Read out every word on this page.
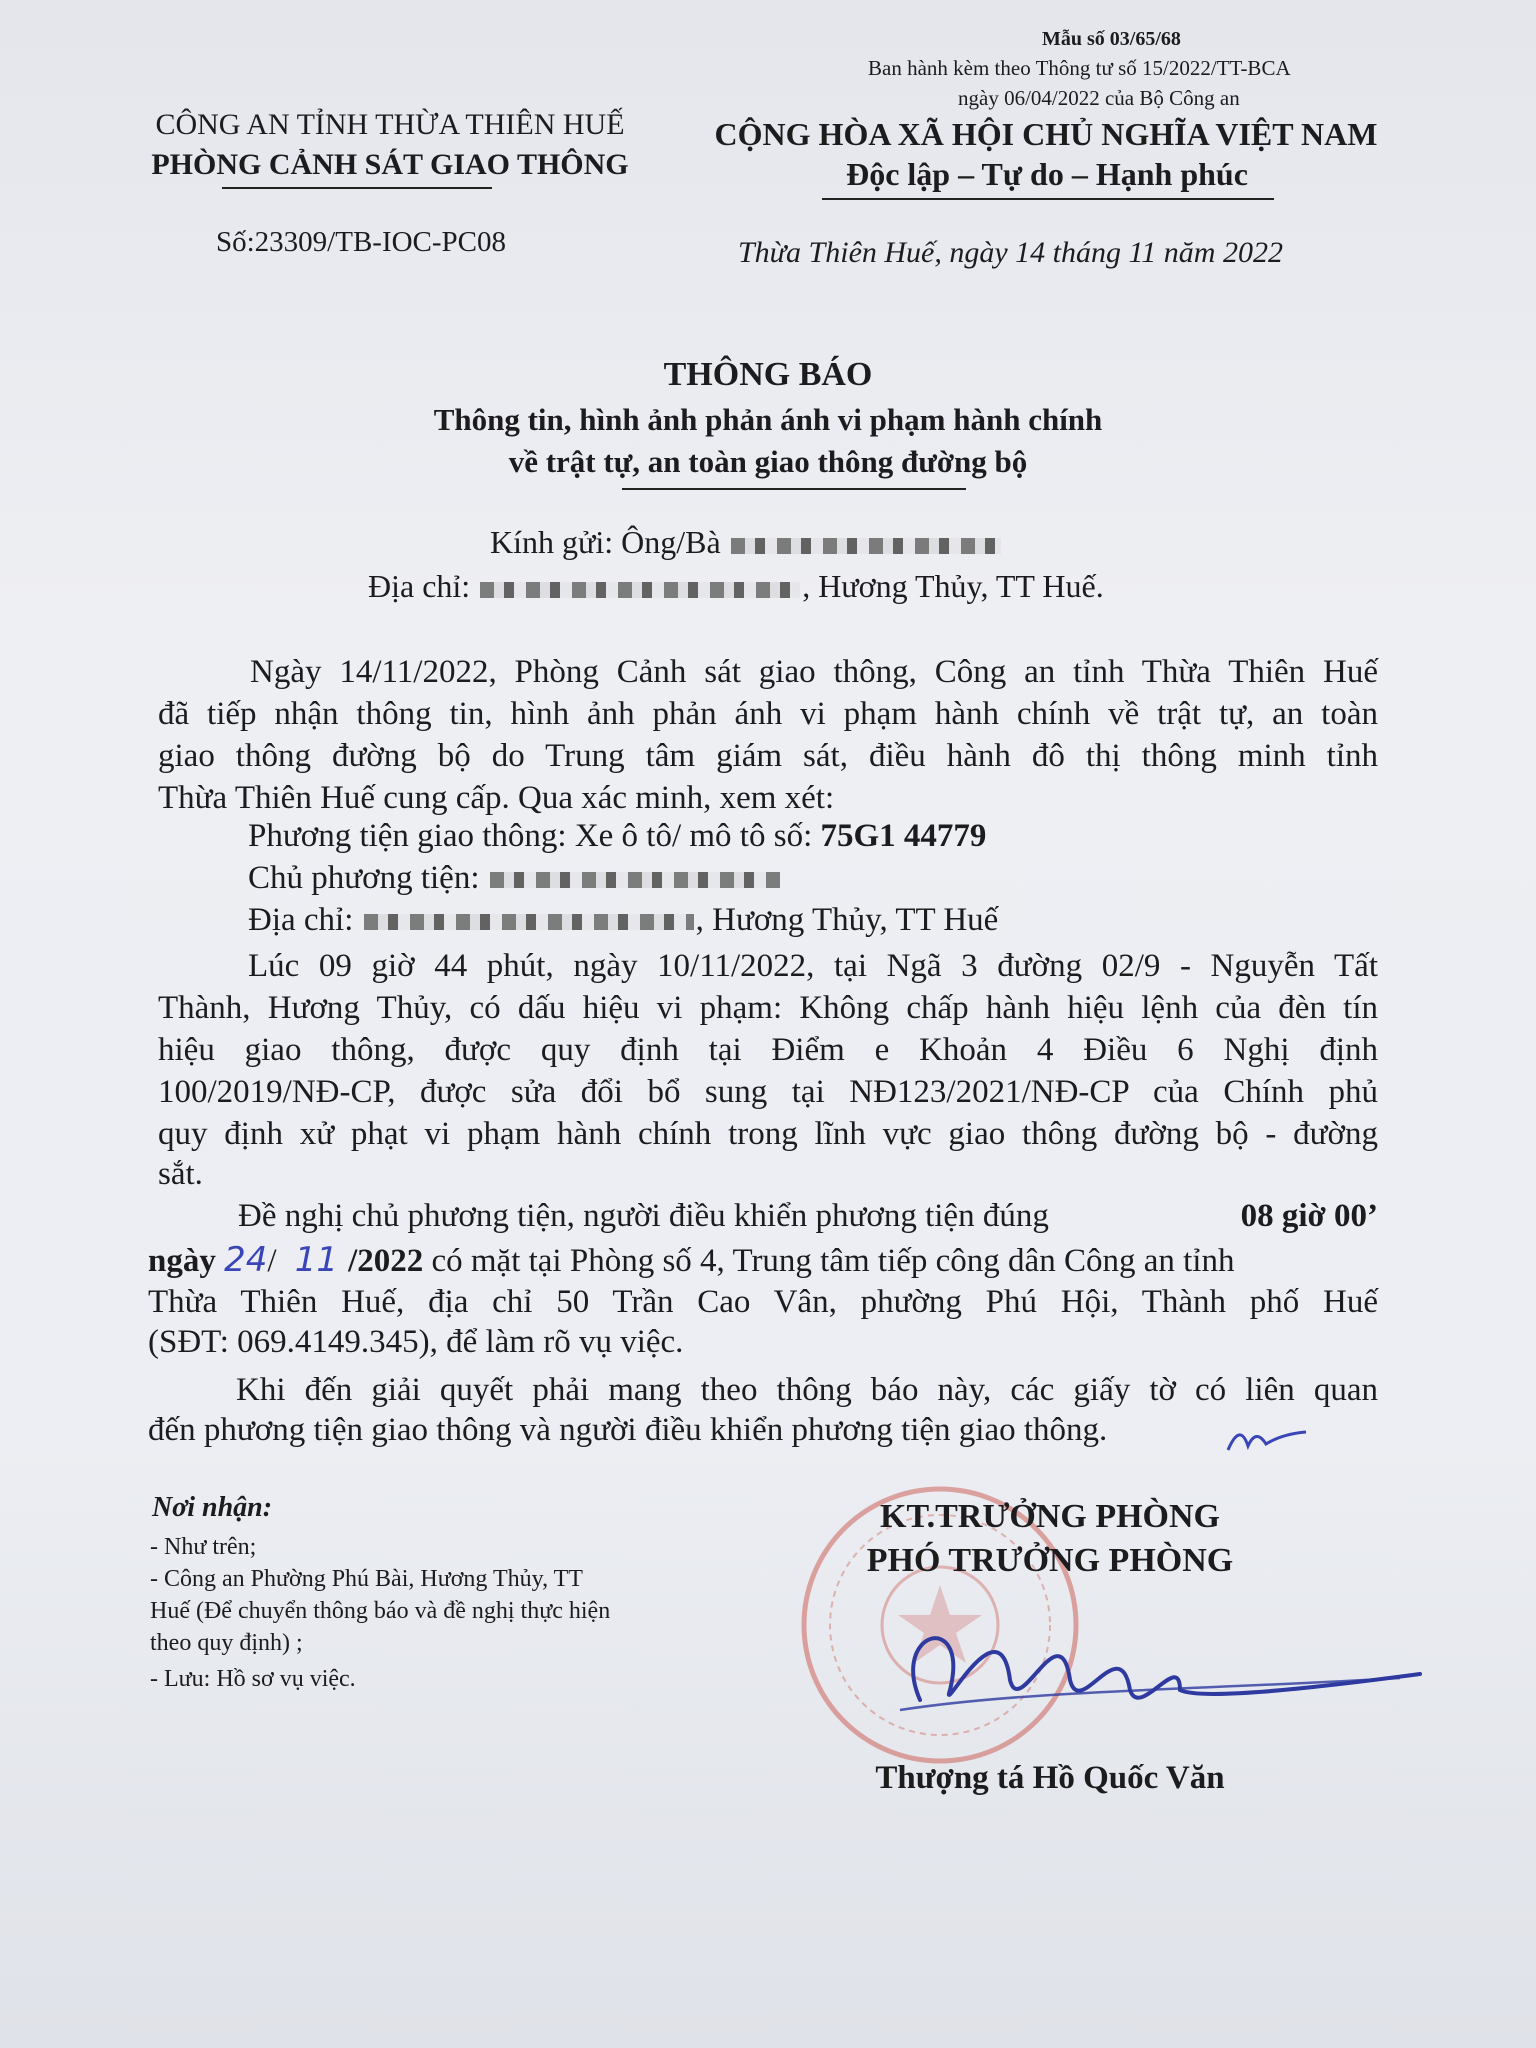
Mẫu số 03/65/68
Ban hành kèm theo Thông tư số 15/2022/TT-BCA
ngày 06/04/2022 của Bộ Công an
CÔNG AN TỈNH THỪA THIÊN HUẾ
PHÒNG CẢNH SÁT GIAO THÔNG
Số:23309/TB-IOC-PC08
CỘNG HÒA XÃ HỘI CHỦ NGHĨA VIỆT NAM
Độc lập – Tự do – Hạnh phúc
Thừa Thiên Huế, ngày 14 tháng 11 năm 2022
THÔNG BÁO
Thông tin, hình ảnh phản ánh vi phạm hành chính
về trật tự, an toàn giao thông đường bộ
Kính gửi: Ông/Bà
Địa chỉ:	, Hương Thủy, TT Huế.
Ngày 14/11/2022, Phòng Cảnh sát giao thông, Công an tỉnh Thừa Thiên Huế
đã tiếp nhận thông tin, hình ảnh phản ánh vi phạm hành chính về trật tự, an toàn
giao thông đường bộ do Trung tâm giám sát, điều hành đô thị thông minh tỉnh
Thừa Thiên Huế cung cấp. Qua xác minh, xem xét:
Phương tiện giao thông: Xe ô tô/ mô tô số: 75G1 44779
Chủ phương tiện:
Địa chỉ:	, Hương Thủy, TT Huế
Lúc 09 giờ 44 phút, ngày 10/11/2022, tại Ngã 3 đường 02/9 - Nguyễn Tất
Thành, Hương Thủy, có dấu hiệu vi phạm: Không chấp hành hiệu lệnh của đèn tín
hiệu giao thông, được quy định tại Điểm e Khoản 4 Điều 6 Nghị định
100/2019/NĐ-CP, được sửa đổi bổ sung tại NĐ123/2021/NĐ-CP của Chính phủ
quy định xử phạt vi phạm hành chính trong lĩnh vực giao thông đường bộ - đường
sắt.
Đề nghị chủ phương tiện, người điều khiển phương tiện đúng	08 giờ 00’
ngày 24/ 11 /2022 có mặt tại Phòng số 4, Trung tâm tiếp công dân Công an tỉnh
Thừa Thiên Huế, địa chỉ 50 Trần Cao Vân, phường Phú Hội, Thành phố Huế
(SĐT: 069.4149.345), để làm rõ vụ việc.
Khi đến giải quyết phải mang theo thông báo này, các giấy tờ có liên quan
đến phương tiện giao thông và người điều khiển phương tiện giao thông.
Nơi nhận:
- Như trên;
- Công an Phường Phú Bài, Hương Thủy, TT
Huế (Để chuyển thông báo và đề nghị thực hiện
theo quy định) ;
- Lưu: Hồ sơ vụ việc.
KT.TRƯỞNG PHÒNG
PHÓ TRƯỞNG PHÒNG
Thượng tá Hồ Quốc Văn
